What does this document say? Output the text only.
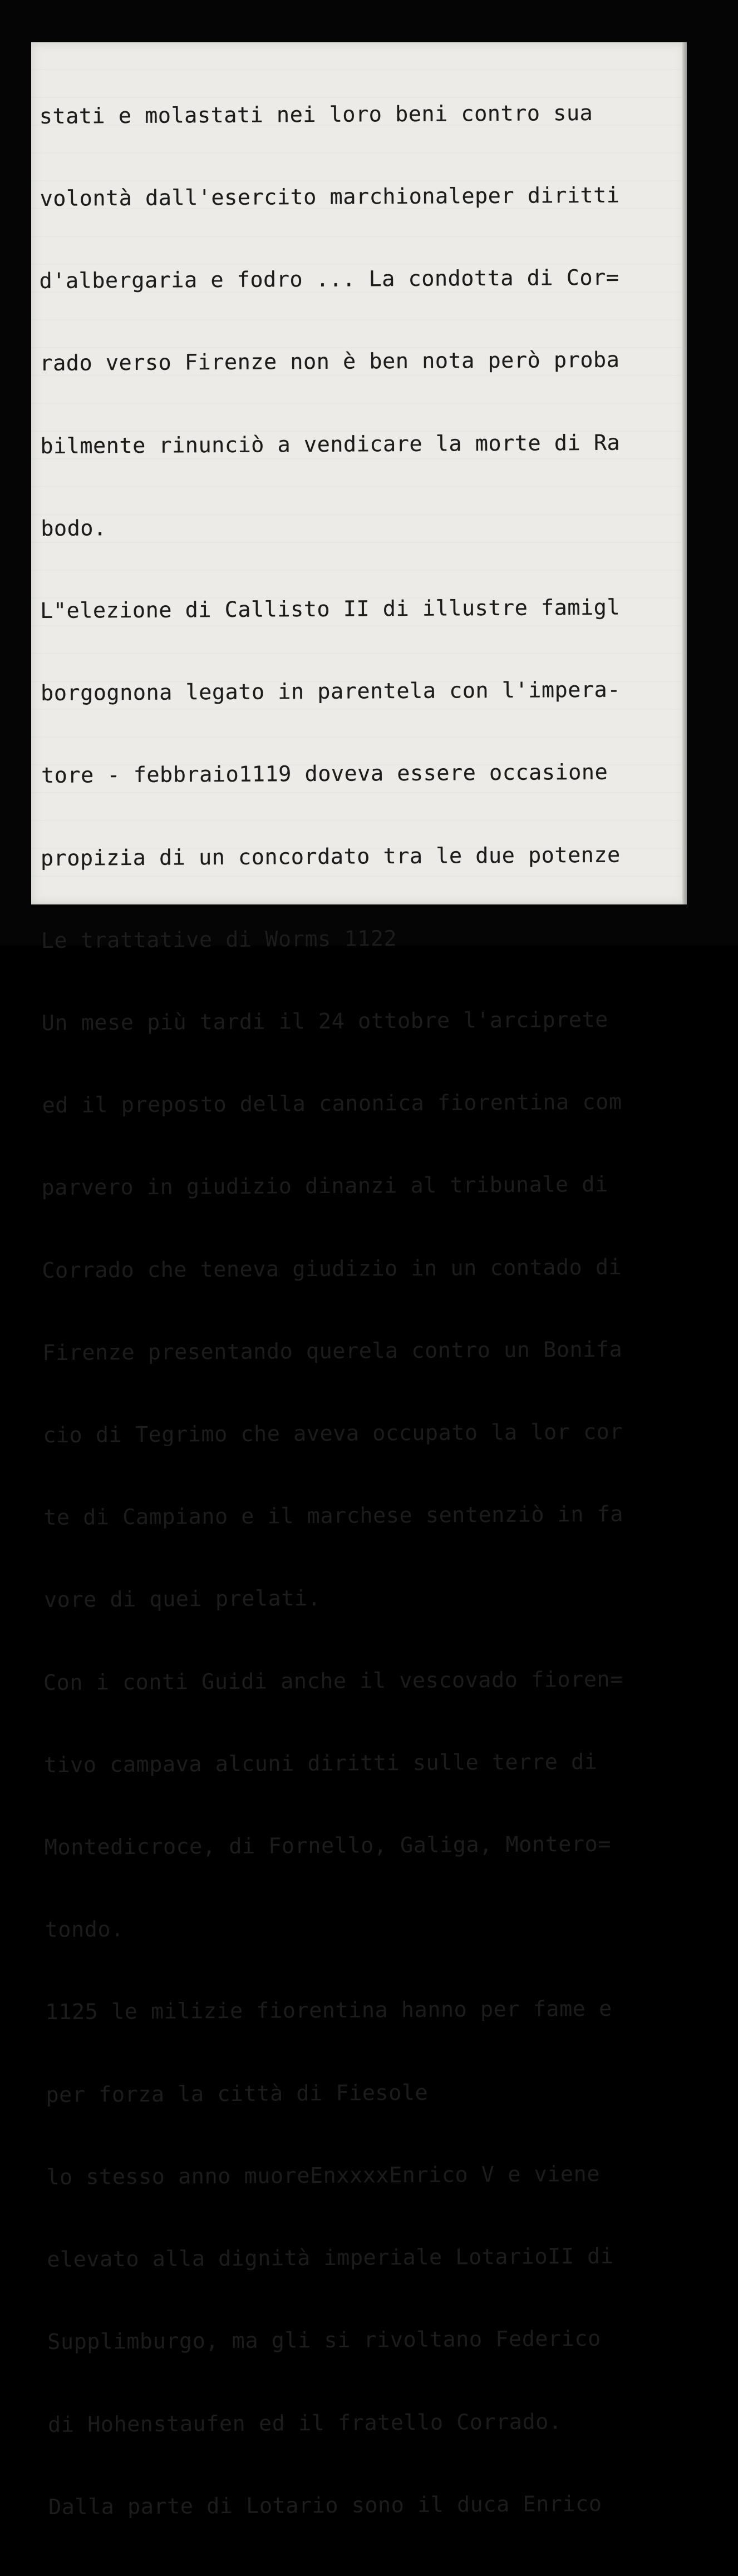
stati e molastati nei loro beni contro sua

volontà dall'esercito marchionaleper diritti

d'albergaria e fodro ... La condotta di Cor=

rado verso Firenze non è ben nota però proba

bilmente rinunciò a vendicare la morte di Ra

bodo.

L"elezione di Callisto II di illustre famigl

borgognona legato in parentela con l'impera-

tore - febbraio1119 doveva essere occasione

propizia di un concordato tra le due potenze

Le trattative di Worms 1122

Un mese più tardi il 24 ottobre l'arciprete

ed il preposto della canonica fiorentina com

parvero in giudizio dinanzi al tribunale di

Corrado che teneva giudizio in un contado di

Firenze presentando querela contro un Bonifa

cio di Tegrimo che aveva occupato la lor cor

te di Campiano e il marchese sentenziò in fa

vore di quei prelati.

Con i conti Guidi anche il vescovado fioren=

tivo campava alcuni diritti sulle terre di

Montedicroce, di Fornello, Galiga, Montero=

tondo.

1125 le milizie fiorentina hanno per fame e

per forza la città di Fiesole

lo stesso anno muoreEnxxxxEnrico V e viene

elevato alla dignità imperiale LotarioII di

Supplimburgo, ma gli si rivoltano Federico

di Hohenstaufen ed il fratello Corrado.

Dalla parte di Lotario sono il duca Enrico
